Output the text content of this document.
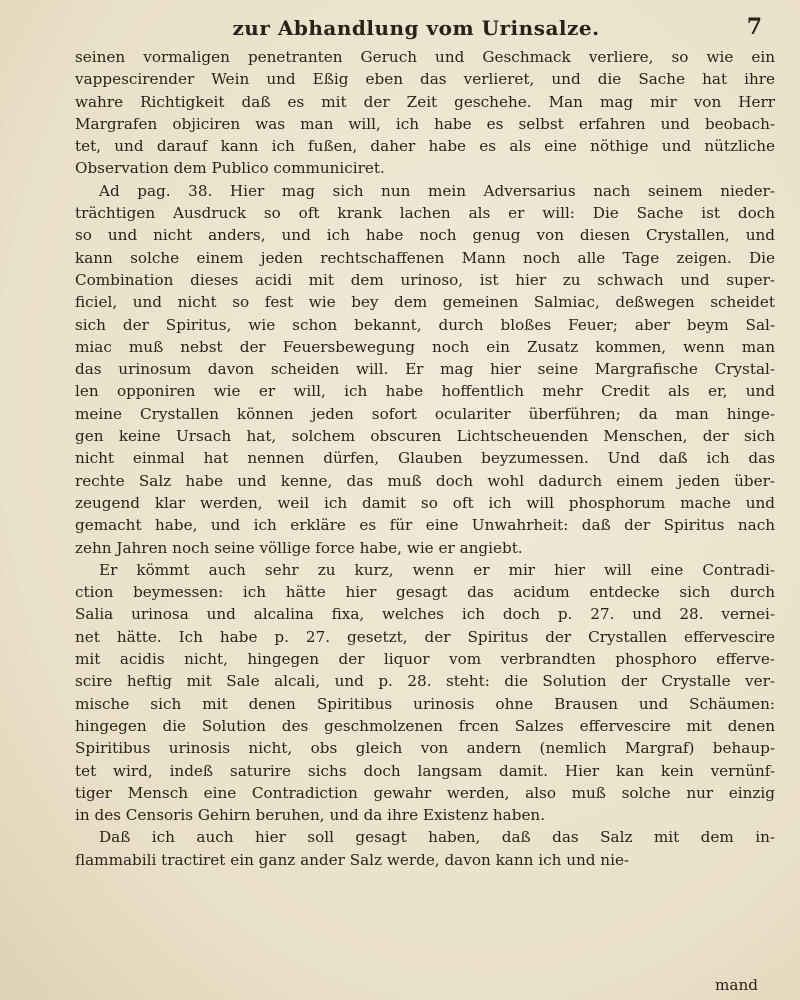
zur Abhandlung vom Urinsalze.	7
seinen vormaligen penetranten Geruch und Geschmack verliere, so wie ein
vappescirender Wein und Eßig eben das verlieret, und die Sache hat ihre
wahre Richtigkeit daß es mit der Zeit geschehe. Man mag mir von Herr
Margrafen objiciren was man will, ich habe es selbst erfahren und beobach-
tet, und darauf kann ich fußen, daher habe es als eine nöthige und nützliche
Observation dem Publico communiciret.
Ad pag. 38. Hier mag sich nun mein Adversarius nach seinem nieder-
trächtigen Ausdruck so oft krank lachen als er will: Die Sache ist doch
so und nicht anders, und ich habe noch genug von diesen Crystallen, und
kann solche einem jeden rechtschaffenen Mann noch alle Tage zeigen. Die
Combination dieses acidi mit dem urinoso, ist hier zu schwach und super-
ficiel, und nicht so fest wie bey dem gemeinen Salmiac, deßwegen scheidet
sich der Spiritus, wie schon bekannt, durch bloßes Feuer; aber beym Sal-
miac muß nebst der Feuersbewegung noch ein Zusatz kommen, wenn man
das urinosum davon scheiden will. Er mag hier seine Margrafische Crystal-
len opponiren wie er will, ich habe hoffentlich mehr Credit als er, und
meine Crystallen können jeden sofort oculariter überführen; da man hinge-
gen keine Ursach hat, solchem obscuren Lichtscheuenden Menschen, der sich
nicht einmal hat nennen dürfen, Glauben beyzumessen. Und daß ich das
rechte Salz habe und kenne, das muß doch wohl dadurch einem jeden über-
zeugend klar werden, weil ich damit so oft ich will phosphorum mache und
gemacht habe, und ich erkläre es für eine Unwahrheit: daß der Spiritus nach
zehn Jahren noch seine völlige force habe, wie er angiebt.
Er kömmt auch sehr zu kurz, wenn er mir hier will eine Contradi-
ction beymessen: ich hätte hier gesagt das acidum entdecke sich durch
Salia urinosa und alcalina fixa, welches ich doch p. 27. und 28. vernei-
net hätte. Ich habe p. 27. gesetzt, der Spiritus der Crystallen effervescire
mit acidis nicht, hingegen der liquor vom verbrandten phosphoro efferve-
scire heftig mit Sale alcali, und p. 28. steht: die Solution der Crystalle ver-
mische sich mit denen Spiritibus urinosis ohne Brausen und Schäumen:
hingegen die Solution des geschmolzenen frcen Salzes effervescire mit denen
Spiritibus urinosis nicht, obs gleich von andern (nemlich Margraf) behaup-
tet wird, indeß saturire sichs doch langsam damit. Hier kan kein vernünf-
tiger Mensch eine Contradiction gewahr werden, also muß solche nur einzig
in des Censoris Gehirn beruhen, und da ihre Existenz haben.
Daß ich auch hier soll gesagt haben, daß das Salz mit dem in-
flammabili tractiret ein ganz ander Salz werde, davon kann ich und nie-
mand
